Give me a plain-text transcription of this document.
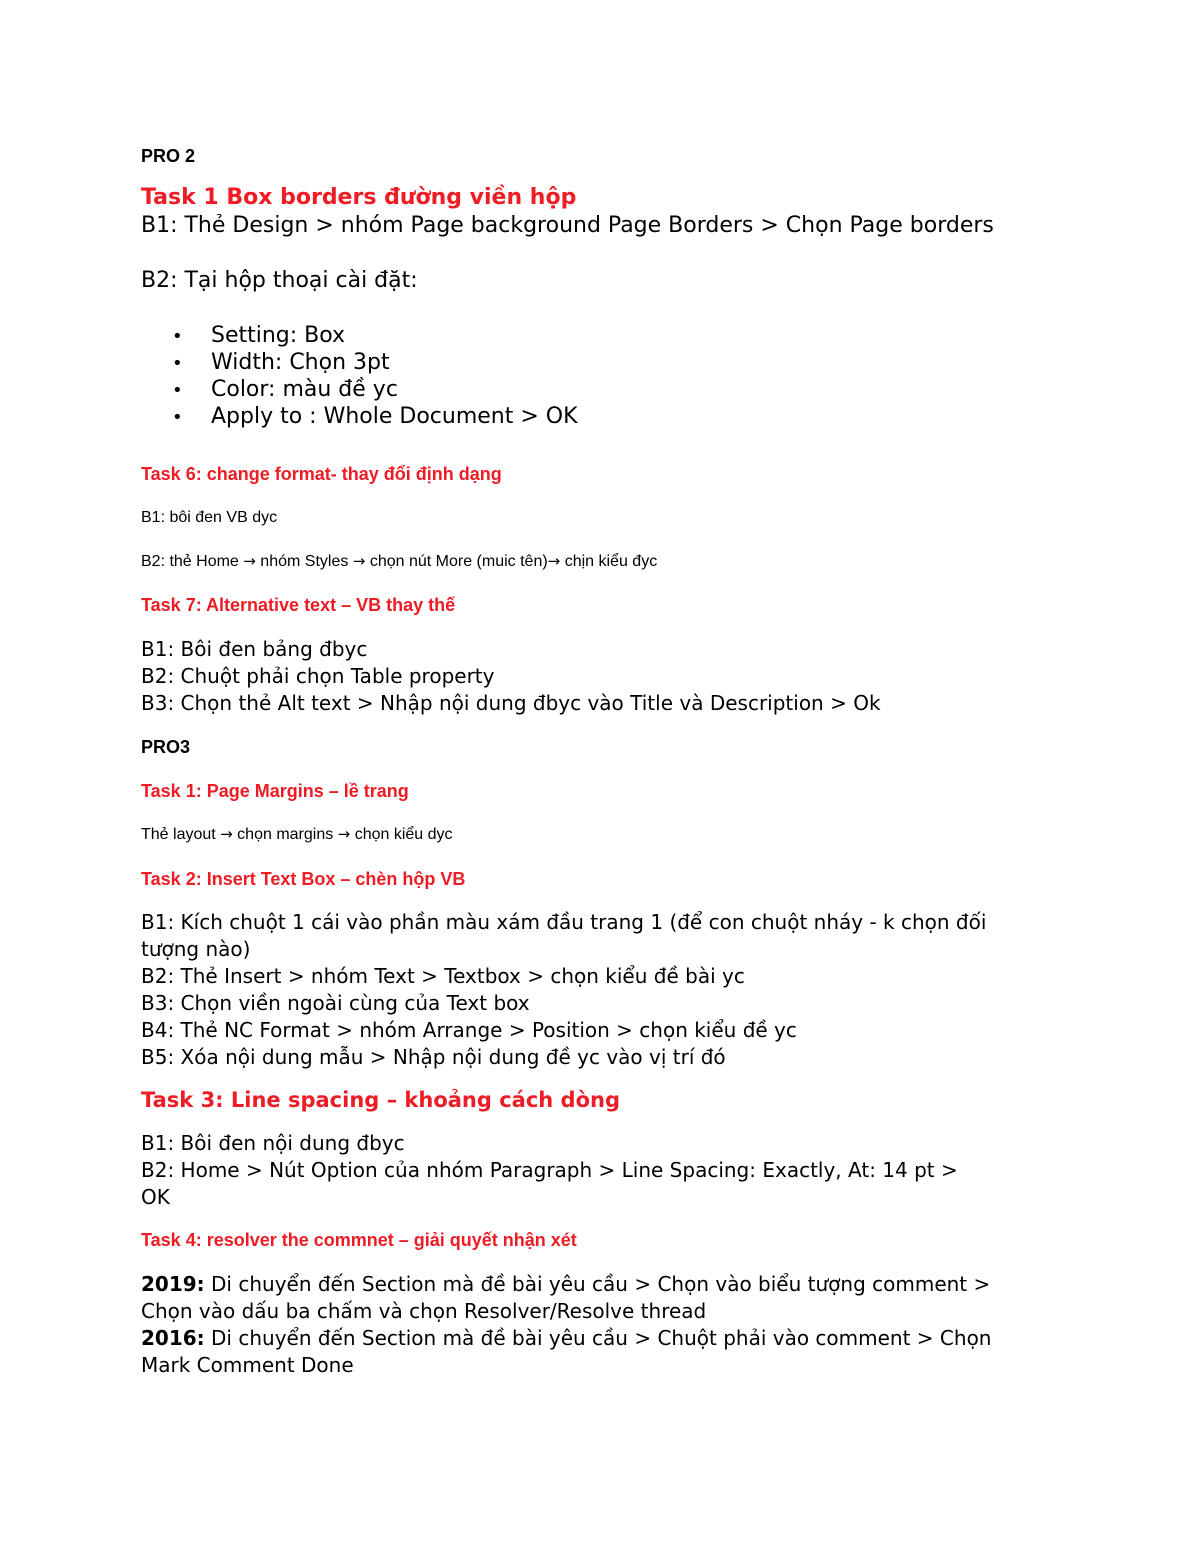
PRO 2
Task 1 Box borders đường viền hộp
B1: Thẻ Design > nhóm Page background Page Borders > Chọn Page borders
B2: Tại hộp thoại cài đặt:
• Setting: Box
• Width: Chọn 3pt
• Color: màu đề yc
• Apply to : Whole Document > OK
Task 6: change format- thay đổi định dạng
B1: bôi đen VB dyc
B2: thẻ Home → nhóm Styles → chọn nút More (muic tên)→ chịn kiểu đyc
Task 7: Alternative text – VB thay thế
B1: Bôi đen bảng đbyc
B2: Chuột phải chọn Table property
B3: Chọn thẻ Alt text > Nhập nội dung đbyc vào Title và Description > Ok
PRO3
Task 1: Page Margins – lề trang
Thẻ layout → chọn margins → chọn kiểu dyc
Task 2: Insert Text Box – chèn hộp VB
B1: Kích chuột 1 cái vào phần màu xám đầu trang 1 (để con chuột nháy - k chọn đối
tượng nào)
B2: Thẻ Insert > nhóm Text > Textbox > chọn kiểu đề bài yc
B3: Chọn viền ngoài cùng của Text box
B4: Thẻ NC Format > nhóm Arrange > Position > chọn kiểu đề yc
B5: Xóa nội dung mẫu > Nhập nội dung đề yc vào vị trí đó
Task 3: Line spacing – khoảng cách dòng
B1: Bôi đen nội dung đbyc
B2: Home > Nút Option của nhóm Paragraph > Line Spacing: Exactly, At: 14 pt >
OK
Task 4: resolver the commnet – giải quyết nhận xét
2019: Di chuyển đến Section mà đề bài yêu cầu > Chọn vào biểu tượng comment >
Chọn vào dấu ba chấm và chọn Resolver/Resolve thread
2016: Di chuyển đến Section mà đề bài yêu cầu > Chuột phải vào comment > Chọn
Mark Comment Done
